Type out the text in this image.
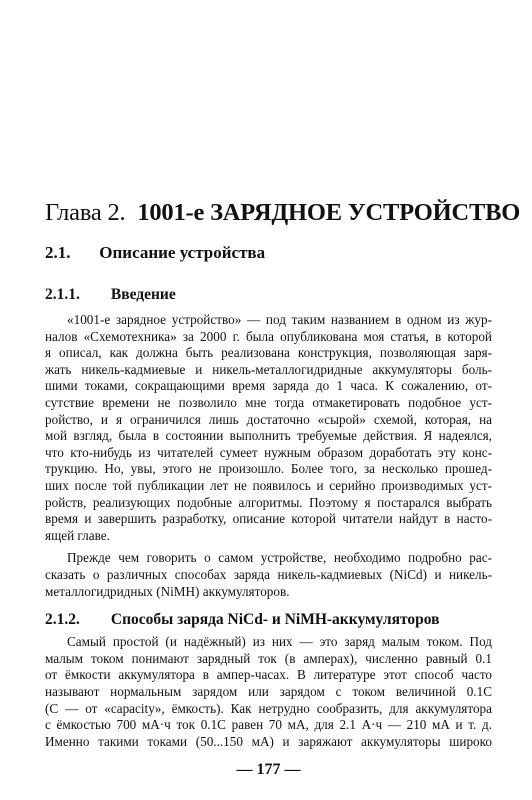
Глава 2. 1001-е ЗАРЯДНОЕ УСТРОЙСТВО
2.1. Описание устройства
2.1.1. Введение

«1001-е зарядное устройство» — под таким названием в одном из жур-
налов «Схемотехника» за 2000 г. была опубликована моя статья, в которой
я описал, как должна быть реализована конструкция, позволяющая заря-
жать никель-кадмиевые и никель-металлогидридные аккумуляторы боль-
шими токами, сокращающими время заряда до 1 часа. К сожалению, от-
сутствие времени не позволило мне тогда отмакетировать подобное уст-
ройство, и я ограничился лишь достаточно «сырой» схемой, которая, на
мой взгляд, была в состоянии выполнить требуемые действия. Я надеялся,
что кто-нибудь из читателей сумеет нужным образом доработать эту конс-
трукцию. Но, увы, этого не произошло. Более того, за несколько прошед-
ших после той публикации лет не появилось и серийно производимых уст-
ройств, реализующих подобные алгоритмы. Поэтому я постарался выбрать
время и завершить разработку, описание которой читатели найдут в насто-
ящей главе.

Прежде чем говорить о самом устройстве, необходимо подробно рас-
сказать о различных способах заряда никель-кадмиевых (NiCd) и никель-
металлогидридных (NiMH) аккумуляторов.

2.1.2. Способы заряда NiCd- и NiMH-аккумуляторов

Самый простой (и надёжный) из них — это заряд малым током. Под
малым током понимают зарядный ток (в амперах), численно равный 0.1
от ёмкости аккумулятора в ампер-часах. В литературе этот способ часто
называют нормальным зарядом или зарядом с током величиной 0.1C
(C — от «capacity», ёмкость). Как нетрудно сообразить, для аккумулятора
с ёмкостью 700 мА·ч ток 0.1C равен 70 мА, для 2.1 А·ч — 210 мА и т. д.
Именно такими токами (50...150 мА) и заряжают аккумуляторы широко

— 177 —
